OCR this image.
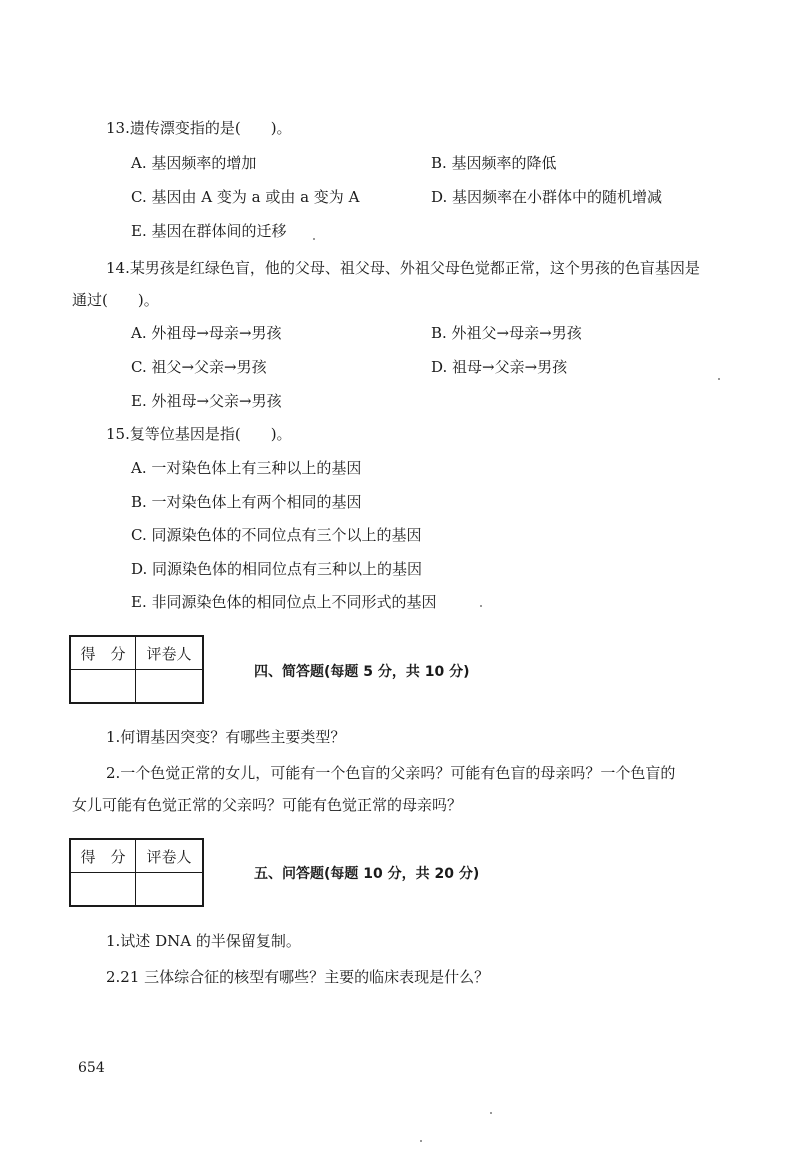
13.遗传漂变指的是(　　)。
A. 基因频率的增加	B. 基因频率的降低
C. 基因由 A 变为 a 或由 a 变为 A	D. 基因频率在小群体中的随机增减
E. 基因在群体间的迁移
14.某男孩是红绿色盲，他的父母、祖父母、外祖父母色觉都正常，这个男孩的色盲基因是
通过(　　)。
A. 外祖母→母亲→男孩	B. 外祖父→母亲→男孩
C. 祖父→父亲→男孩	D. 祖母→父亲→男孩
E. 外祖母→父亲→男孩
15.复等位基因是指(　　)。
A. 一对染色体上有三种以上的基因
B. 一对染色体上有两个相同的基因
C. 同源染色体的不同位点有三个以上的基因
D. 同源染色体的相同位点有三种以上的基因
E. 非同源染色体的相同位点上不同形式的基因
得　分	评卷人

四、简答题(每题 5 分，共 10 分)
1.何谓基因突变？有哪些主要类型？
2.一个色觉正常的女儿，可能有一个色盲的父亲吗？可能有色盲的母亲吗？一个色盲的
女儿可能有色觉正常的父亲吗？可能有色觉正常的母亲吗？
得　分	评卷人

五、问答题(每题 10 分，共 20 分)
1.试述 DNA 的半保留复制。
2.21 三体综合征的核型有哪些？主要的临床表现是什么？
654
